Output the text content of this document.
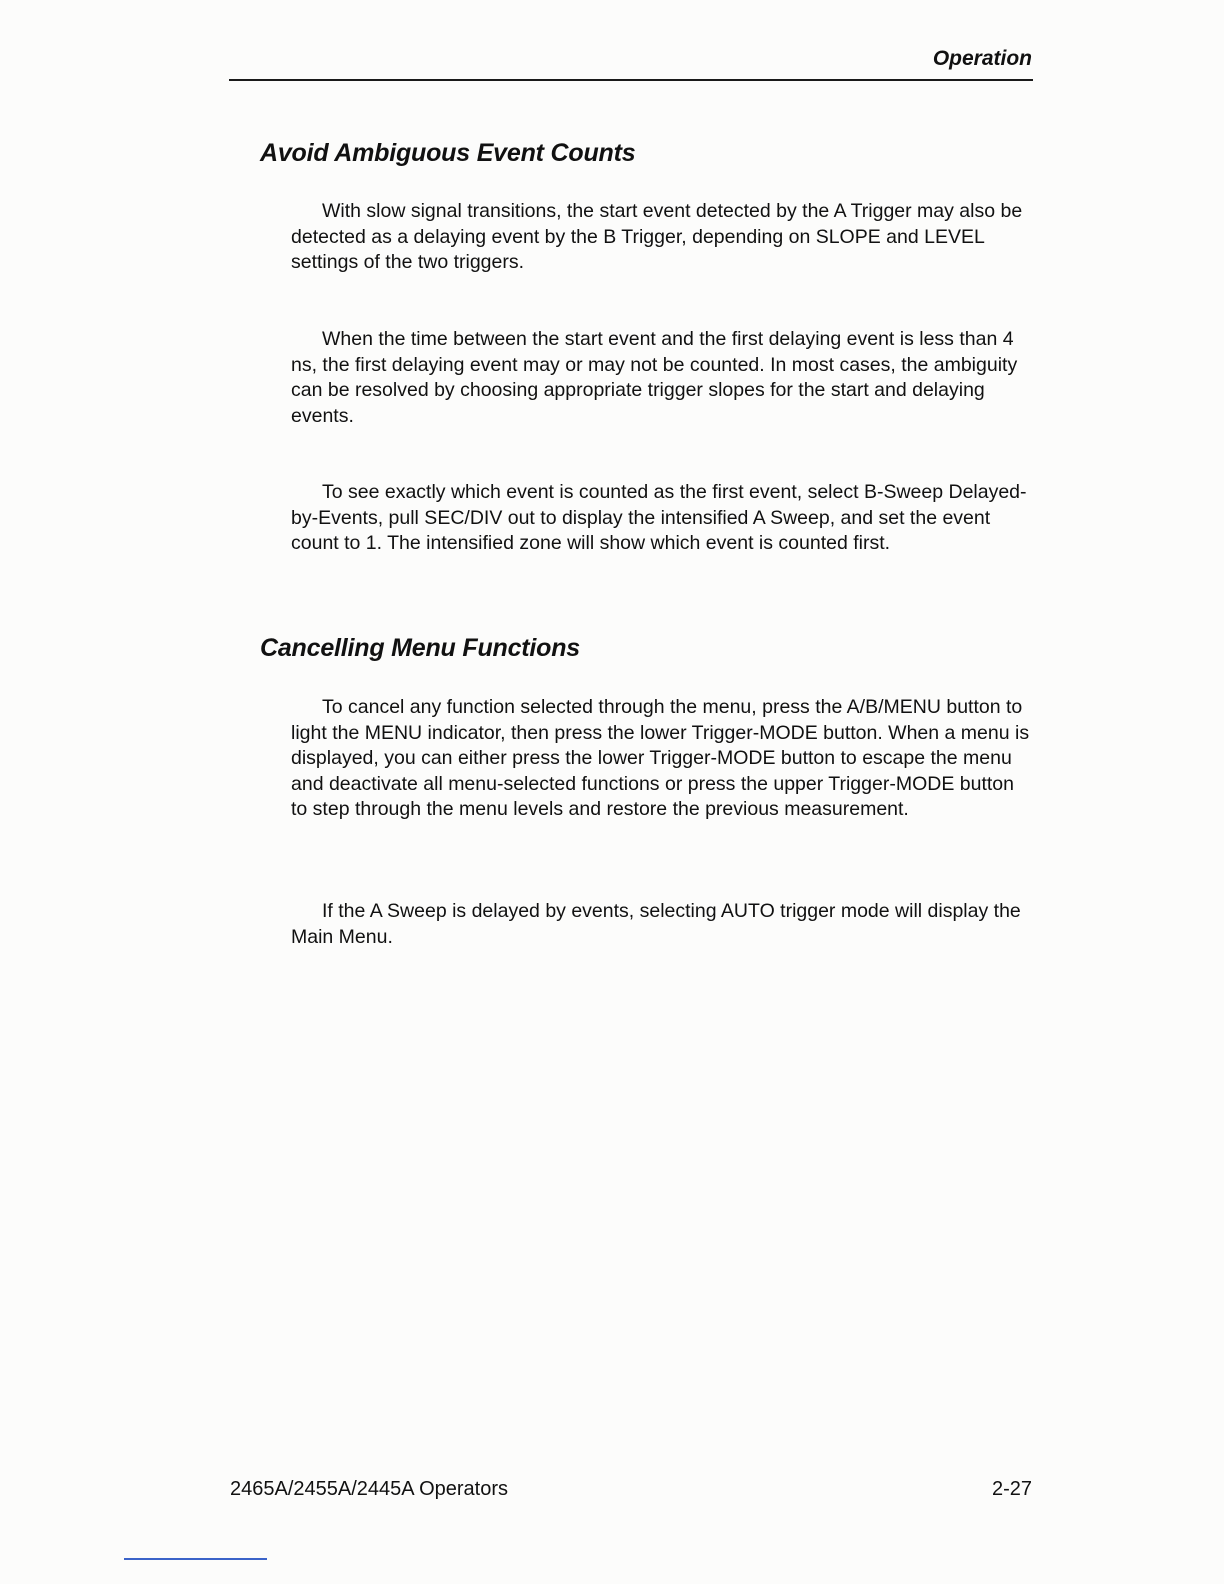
Operation
Avoid Ambiguous Event Counts

With slow signal transitions, the start event detected by the A Trigger may also be detected as a delaying event by the B Trigger, depending on SLOPE and LEVEL settings of the two triggers.

When the time between the start event and the first delaying event is less than 4 ns, the first delaying event may or may not be counted. In most cases, the ambiguity can be resolved by choosing appropriate trigger slopes for the start and delaying events.

To see exactly which event is counted as the first event, select B-Sweep Delayed-by-Events, pull SEC/DIV out to display the intensified A Sweep, and set the event count to 1. The intensified zone will show which event is counted first.

Cancelling Menu Functions

To cancel any function selected through the menu, press the A/B/MENU button to light the MENU indicator, then press the lower Trigger-MODE button. When a menu is displayed, you can either press the lower Trigger-MODE button to escape the menu and deactivate all menu-selected functions or press the upper Trigger-MODE button to step through the menu levels and restore the previous measurement.

If the A Sweep is delayed by events, selecting AUTO trigger mode will display the Main Menu.

2465A/2455A/2445A Operators	2-27
